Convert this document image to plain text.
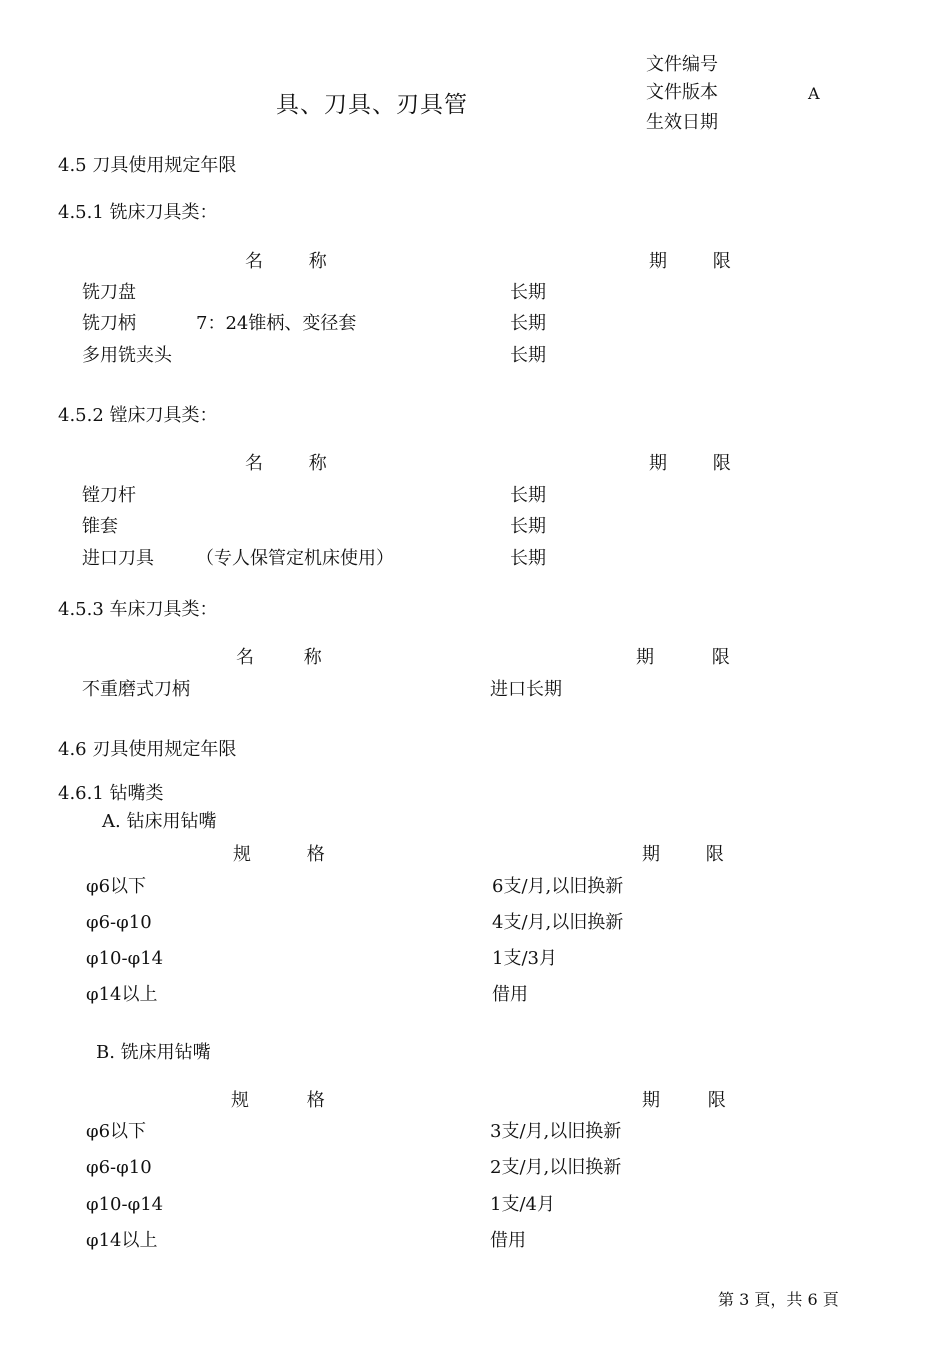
具、刀具、刃具管
文件编号
文件版本	A
生效日期
4.5 刀具使用规定年限
4.5.1 铣床刀具类：
名 称	期 限
铣刀盘	长期
铣刀柄	7：24锥柄、变径套	长期
多用铣夹头	长期
4.5.2 镗床刀具类：
名 称	期 限
镗刀杆	长期
锥套	长期
进口刀具 （专人保管定机床使用）	长期
4.5.3 车床刀具类：
名 称	期 限
不重磨式刀柄	进口长期
4.6 刃具使用规定年限
4.6.1 钻嘴类
A. 钻床用钻嘴
规 格	期 限
φ6以下	6支/月,以旧换新
φ6-φ10	4支/月,以旧换新
φ10-φ14	1支/3月
φ14以上	借用
B. 铣床用钻嘴
规 格	期 限
φ6以下	3支/月,以旧换新
φ6-φ10	2支/月,以旧换新
φ10-φ14	1支/4月
φ14以上	借用
第 3 頁，共 6 頁
